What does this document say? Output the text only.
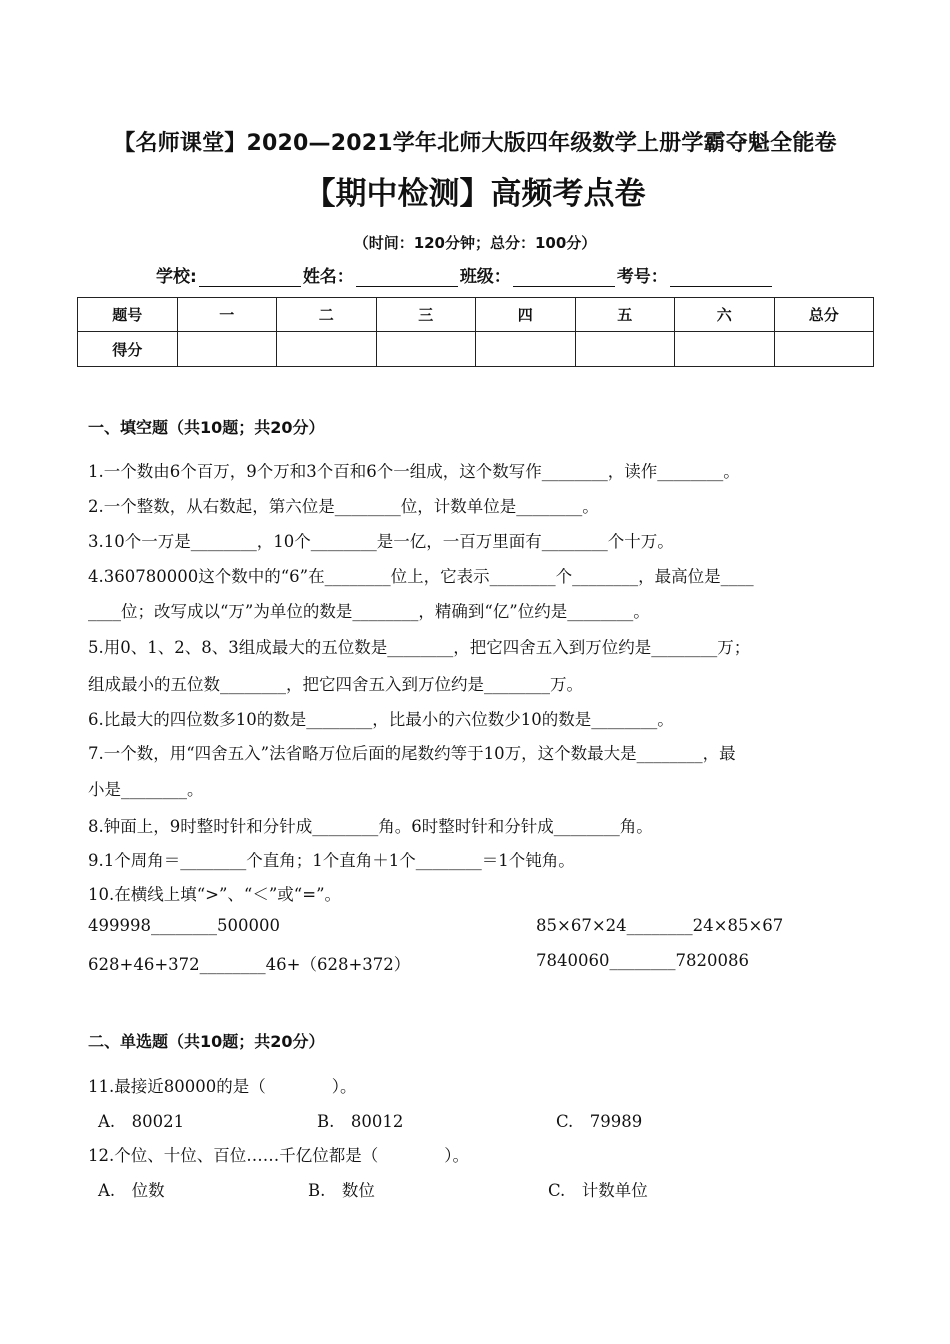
【名师课堂】2020—2021学年北师大版四年级数学上册学霸夺魁全能卷
【期中检测】高频考点卷
（时间：120分钟；总分：100分）
学校:	姓名：	班级：	考号：
题号	一	二	三	四	五	六	总分
得分							
一、填空题（共10题；共20分）
1.一个数由6个百万，9个万和3个百和6个一组成，这个数写作________，读作________。
2.一个整数，从右数起，第六位是________位，计数单位是________。
3.10个一万是________，10个________是一亿，一百万里面有________个十万。
4.360780000这个数中的“6”在________位上，它表示________个________，最高位是____
____位；改写成以“万”为单位的数是________，精确到“亿”位约是________。
5.用0、1、2、8、3组成最大的五位数是________，把它四舍五入到万位约是________万；
组成最小的五位数________，把它四舍五入到万位约是________万。
6.比最大的四位数多10的数是________，比最小的六位数少10的数是________。
7.一个数，用“四舍五入”法省略万位后面的尾数约等于10万，这个数最大是________，最
小是________。
8.钟面上，9时整时针和分针成________角。6时整时针和分针成________角。
9.1个周角＝________个直角；1个直角＋1个________＝1个钝角。
10.在横线上填“>”、“＜”或“=”。
499998________500000	85×67×24________24×85×67
628+46+372________46+（628+372）	7840060________7820086
二、单选题（共10题；共20分）
11.最接近80000的是（　　　　）。
A.　80021	B.　80012	C.　79989
12.个位、十位、百位……千亿位都是（　　　　）。
A.　位数	B.　数位	C.　计数单位
